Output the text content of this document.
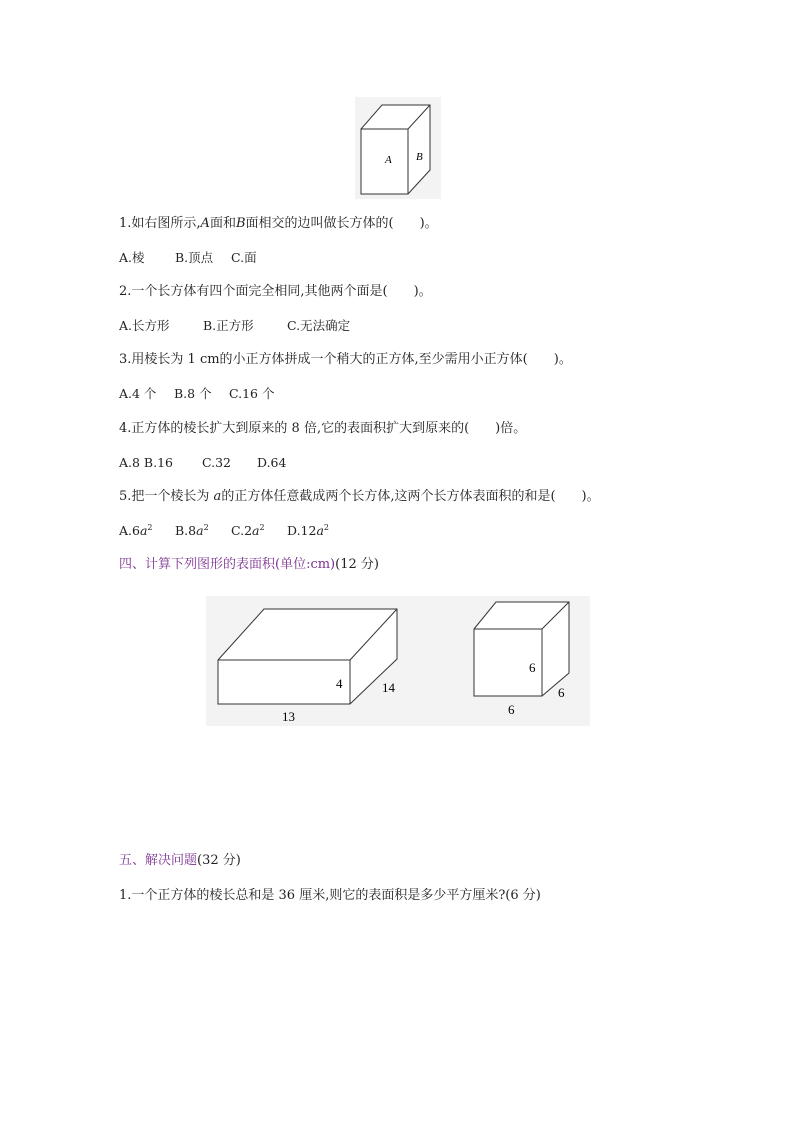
A B
1.如右图所示,A面和B面相交的边叫做长方体的(　　)。
A.棱 B.顶点 C.面
2.一个长方体有四个面完全相同,其他两个面是(　　)。
A.长方形	B.正方形	C.无法确定
3.用棱长为 1 cm的小正方体拼成一个稍大的正方体,至少需用小正方体(　　)。
A.4 个 B.8 个 C.16 个
4.正方体的棱长扩大到原来的 8 倍,它的表面积扩大到原来的(　　)倍。
A.8 B.16 C.32 D.64
5.把一个棱长为 a的正方体任意截成两个长方体,这两个长方体表面积的和是(　　)。
$A.6a^2$ $B.8a^2$ $C.2a^2$ $D.12a^2$
四、计算下列图形的表面积(单位:cm)(12 分)
4	14
13
6
6
6
五、解决问题(32 分)
1.一个正方体的棱长总和是 36 厘米,则它的表面积是多少平方厘米?(6 分)
